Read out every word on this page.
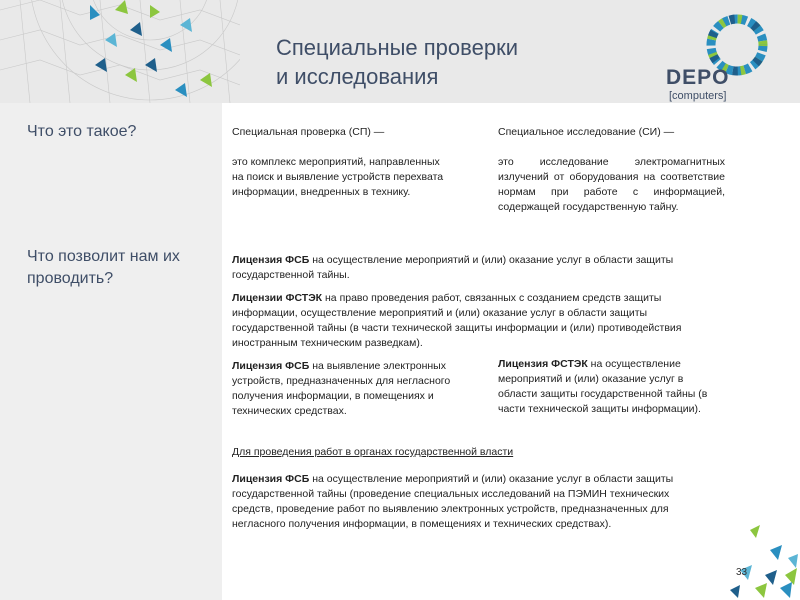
DEPO
[computers]
Специальные проверки
и исследования
Что это такое?
Что позволит нам их
проводить?
Специальная проверка (СП) —
это комплекс мероприятий, направленных на поиск и выявление устройств перехвата информации, внедренных в технику.
Специальное исследование (СИ) —
это исследование электромагнитных излучений от оборудования на соответствие нормам при работе с информацией, содержащей государственную тайну.
Лицензия ФСБ на осуществление мероприятий и (или) оказание услуг в области защиты государственной тайны.
Лицензии ФСТЭК на право проведения работ, связанных с созданием средств защиты информации, осуществление мероприятий и (или) оказание услуг в области защиты государственной тайны (в части технической защиты информации и (или) противодействия иностранным техническим разведкам).
Лицензия ФСБ на выявление электронных устройств, предназначенных для негласного получения информации, в помещениях и технических средствах.
Лицензия ФСТЭК на осуществление мероприятий и (или) оказание услуг в области защиты государственной тайны (в части технической защиты информации).
Для проведения работ в органах государственной власти
Лицензия ФСБ на осуществление мероприятий и (или) оказание услуг в области защиты государственной тайны (проведение специальных исследований на ПЭМИН технических средств, проведение работ по выявлению электронных устройств, предназначенных для негласного получения информации, в помещениях и технических средствах).
33
